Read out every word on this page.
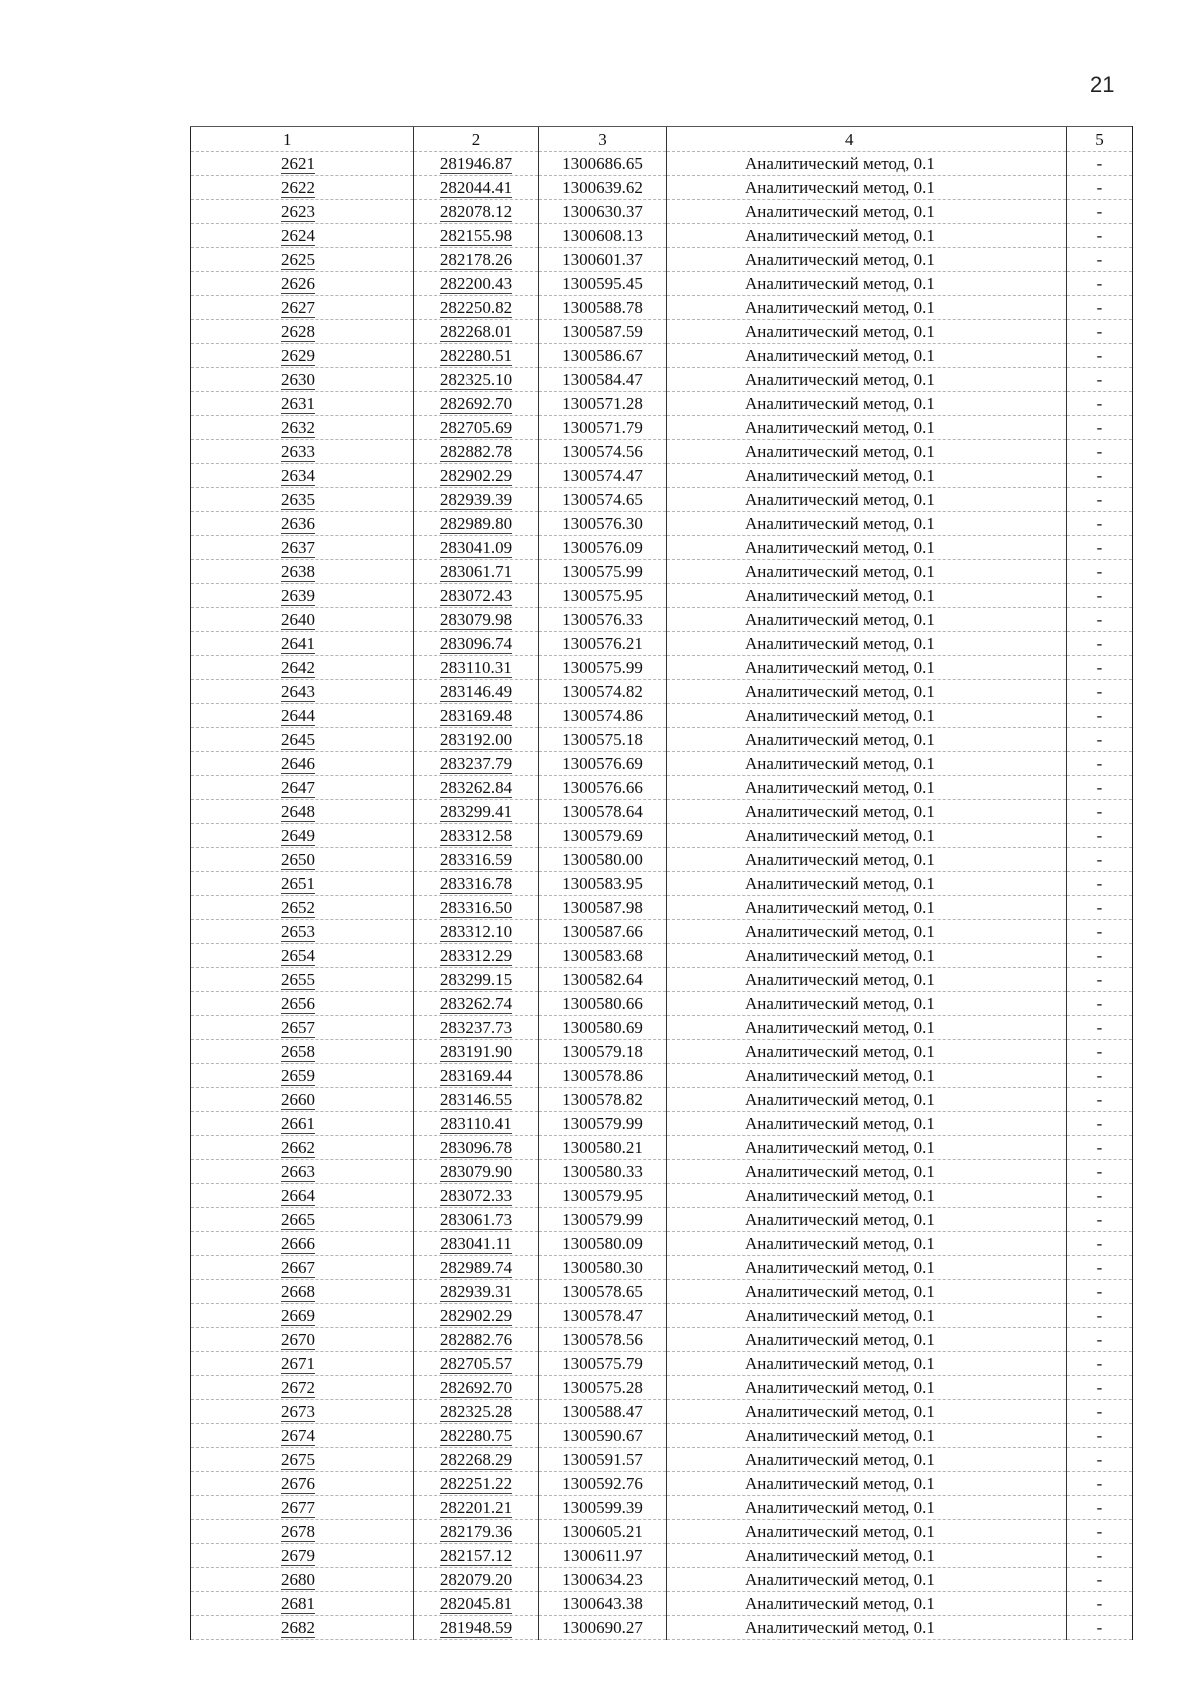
21
1	2	3	4	5
2621	281946.87	1300686.65	Аналитический метод, 0.1	-
2622	282044.41	1300639.62	Аналитический метод, 0.1	-
2623	282078.12	1300630.37	Аналитический метод, 0.1	-
2624	282155.98	1300608.13	Аналитический метод, 0.1	-
2625	282178.26	1300601.37	Аналитический метод, 0.1	-
2626	282200.43	1300595.45	Аналитический метод, 0.1	-
2627	282250.82	1300588.78	Аналитический метод, 0.1	-
2628	282268.01	1300587.59	Аналитический метод, 0.1	-
2629	282280.51	1300586.67	Аналитический метод, 0.1	-
2630	282325.10	1300584.47	Аналитический метод, 0.1	-
2631	282692.70	1300571.28	Аналитический метод, 0.1	-
2632	282705.69	1300571.79	Аналитический метод, 0.1	-
2633	282882.78	1300574.56	Аналитический метод, 0.1	-
2634	282902.29	1300574.47	Аналитический метод, 0.1	-
2635	282939.39	1300574.65	Аналитический метод, 0.1	-
2636	282989.80	1300576.30	Аналитический метод, 0.1	-
2637	283041.09	1300576.09	Аналитический метод, 0.1	-
2638	283061.71	1300575.99	Аналитический метод, 0.1	-
2639	283072.43	1300575.95	Аналитический метод, 0.1	-
2640	283079.98	1300576.33	Аналитический метод, 0.1	-
2641	283096.74	1300576.21	Аналитический метод, 0.1	-
2642	283110.31	1300575.99	Аналитический метод, 0.1	-
2643	283146.49	1300574.82	Аналитический метод, 0.1	-
2644	283169.48	1300574.86	Аналитический метод, 0.1	-
2645	283192.00	1300575.18	Аналитический метод, 0.1	-
2646	283237.79	1300576.69	Аналитический метод, 0.1	-
2647	283262.84	1300576.66	Аналитический метод, 0.1	-
2648	283299.41	1300578.64	Аналитический метод, 0.1	-
2649	283312.58	1300579.69	Аналитический метод, 0.1	-
2650	283316.59	1300580.00	Аналитический метод, 0.1	-
2651	283316.78	1300583.95	Аналитический метод, 0.1	-
2652	283316.50	1300587.98	Аналитический метод, 0.1	-
2653	283312.10	1300587.66	Аналитический метод, 0.1	-
2654	283312.29	1300583.68	Аналитический метод, 0.1	-
2655	283299.15	1300582.64	Аналитический метод, 0.1	-
2656	283262.74	1300580.66	Аналитический метод, 0.1	-
2657	283237.73	1300580.69	Аналитический метод, 0.1	-
2658	283191.90	1300579.18	Аналитический метод, 0.1	-
2659	283169.44	1300578.86	Аналитический метод, 0.1	-
2660	283146.55	1300578.82	Аналитический метод, 0.1	-
2661	283110.41	1300579.99	Аналитический метод, 0.1	-
2662	283096.78	1300580.21	Аналитический метод, 0.1	-
2663	283079.90	1300580.33	Аналитический метод, 0.1	-
2664	283072.33	1300579.95	Аналитический метод, 0.1	-
2665	283061.73	1300579.99	Аналитический метод, 0.1	-
2666	283041.11	1300580.09	Аналитический метод, 0.1	-
2667	282989.74	1300580.30	Аналитический метод, 0.1	-
2668	282939.31	1300578.65	Аналитический метод, 0.1	-
2669	282902.29	1300578.47	Аналитический метод, 0.1	-
2670	282882.76	1300578.56	Аналитический метод, 0.1	-
2671	282705.57	1300575.79	Аналитический метод, 0.1	-
2672	282692.70	1300575.28	Аналитический метод, 0.1	-
2673	282325.28	1300588.47	Аналитический метод, 0.1	-
2674	282280.75	1300590.67	Аналитический метод, 0.1	-
2675	282268.29	1300591.57	Аналитический метод, 0.1	-
2676	282251.22	1300592.76	Аналитический метод, 0.1	-
2677	282201.21	1300599.39	Аналитический метод, 0.1	-
2678	282179.36	1300605.21	Аналитический метод, 0.1	-
2679	282157.12	1300611.97	Аналитический метод, 0.1	-
2680	282079.20	1300634.23	Аналитический метод, 0.1	-
2681	282045.81	1300643.38	Аналитический метод, 0.1	-
2682	281948.59	1300690.27	Аналитический метод, 0.1	-
